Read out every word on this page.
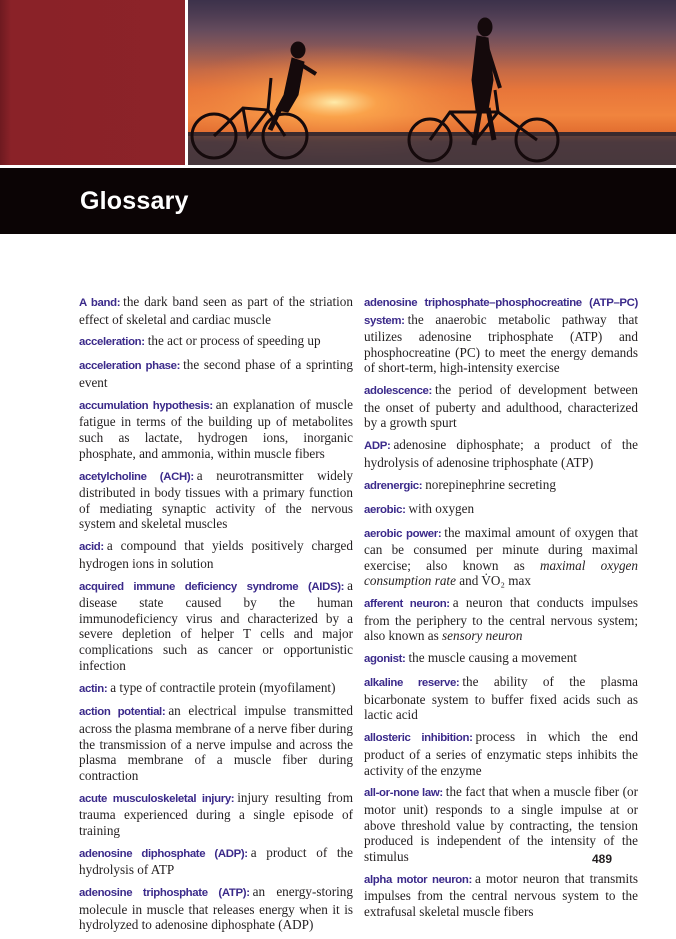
Glossary

A band: the dark band seen as part of the striation effect of skeletal and cardiac muscle

acceleration: the act or process of speeding up

acceleration phase: the second phase of a sprinting event

accumulation hypothesis: an explanation of muscle fatigue in terms of the building up of metabolites such as lactate, hydrogen ions, inorganic phosphate, and ammonia, within muscle fibers

acetylcholine (ACH): a neurotransmitter widely distributed in body tissues with a primary function of mediating synaptic activity of the nervous system and skeletal muscles

acid: a compound that yields positively charged hydrogen ions in solution

acquired immune deficiency syndrome (AIDS): a disease state caused by the human immunodeficiency virus and characterized by a severe depletion of helper T cells and major complications such as cancer or opportunistic infection

actin: a type of contractile protein (myofilament)

action potential: an electrical impulse transmitted across the plasma membrane of a nerve fiber during the transmission of a nerve impulse and across the plasma membrane of a muscle fiber during contraction

acute musculoskeletal injury: injury resulting from trauma experienced during a single episode of training

adenosine diphosphate (ADP): a product of the hydrolysis of ATP

adenosine triphosphate (ATP): an energy-storing molecule in muscle that releases energy when it is hydrolyzed to adenosine diphosphate (ADP)

adenosine triphosphate–phosphocreatine (ATP–PC) system: the anaerobic metabolic pathway that utilizes adenosine triphosphate (ATP) and phosphocreatine (PC) to meet the energy demands of short-term, high-intensity exercise

adolescence: the period of development between the onset of puberty and adulthood, characterized by a growth spurt

ADP: adenosine diphosphate; a product of the hydrolysis of adenosine triphosphate (ATP)

adrenergic: norepinephrine secreting

aerobic: with oxygen

aerobic power: the maximal amount of oxygen that can be consumed per minute during maximal exercise; also known as maximal oxygen consumption rate and V̇O₂ max

afferent neuron: a neuron that conducts impulses from the periphery to the central nervous system; also known as sensory neuron

agonist: the muscle causing a movement

alkaline reserve: the ability of the plasma bicarbonate system to buffer fixed acids such as lactic acid

allosteric inhibition: process in which the end product of a series of enzymatic steps inhibits the activity of the enzyme

all-or-none law: the fact that when a muscle fiber (or motor unit) responds to a single impulse at or above threshold value by contracting, the tension produced is independent of the intensity of the stimulus

alpha motor neuron: a motor neuron that transmits impulses from the central nervous system to the extrafusal skeletal muscle fibers

489
